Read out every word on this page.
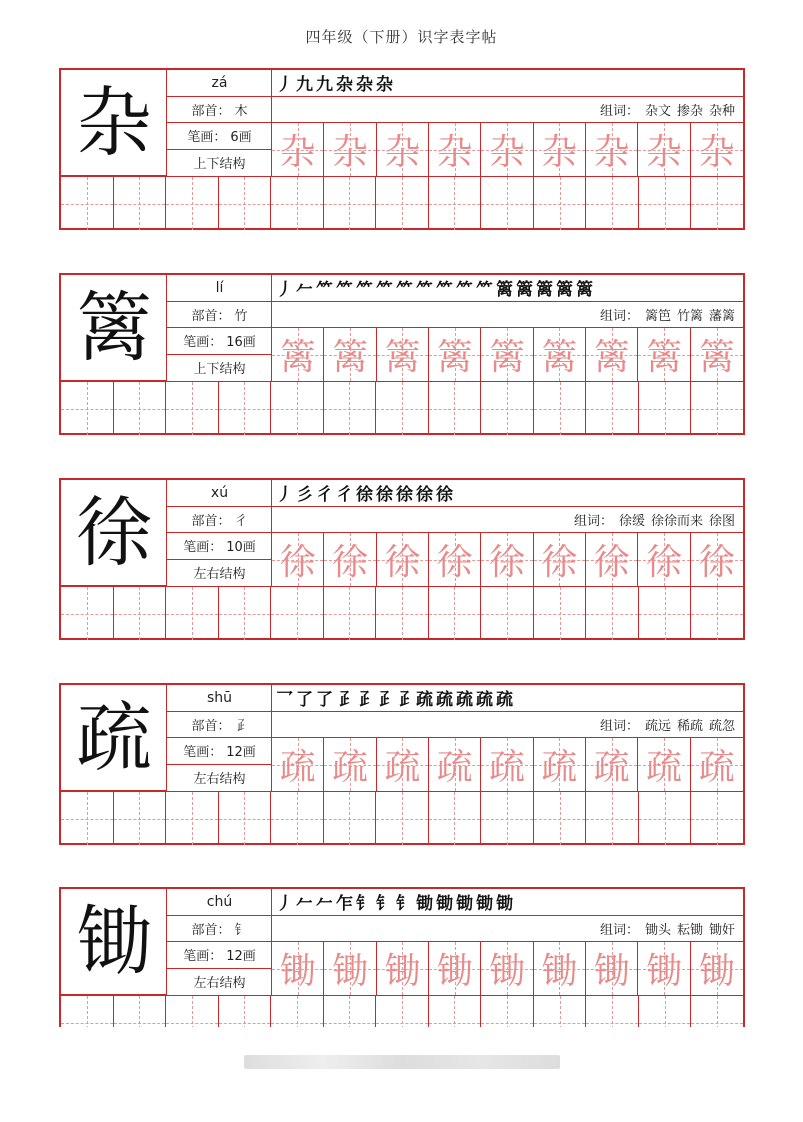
四年级（下册）识字表字帖
杂	zá
部首： 木
笔画： 6画
上下结构
丿 九 九 杂 杂 杂
组词： 杂文 掺杂 杂种
杂 杂 杂 杂 杂 杂 杂 杂 杂
篱	lí
部首： 竹
笔画： 16画
上下结构
丿 𠂉 ⺮ ⺮ ⺮ ⺮ ⺮ ⺮ ⺮ ⺮ ⺮ 篱 篱 篱 篱 篱
组词： 篱笆 竹篱 藩篱
篱 篱 篱 篱 篱 篱 篱 篱 篱
徐	xú
部首： 彳
笔画： 10画
左右结构
丿 彡 彳 彳 徐 徐 徐 徐 徐
组词： 徐缓 徐徐而来 徐图
徐 徐 徐 徐 徐 徐 徐 徐 徐
疏	shū
部首： 𤴔
笔画： 12画
左右结构
乛 了 了 𤴔 𤴔 𤴔 𤴔 疏 疏 疏 疏 疏
组词： 疏远 稀疏 疏忽
疏 疏 疏 疏 疏 疏 疏 疏 疏
锄	chú
部首： 钅
笔画： 12画
左右结构
丿 𠂉 𠂉 乍 钅 钅 钅 锄 锄 锄 锄 锄
组词： 锄头 耘锄 锄奸
锄 锄 锄 锄 锄 锄 锄 锄 锄
